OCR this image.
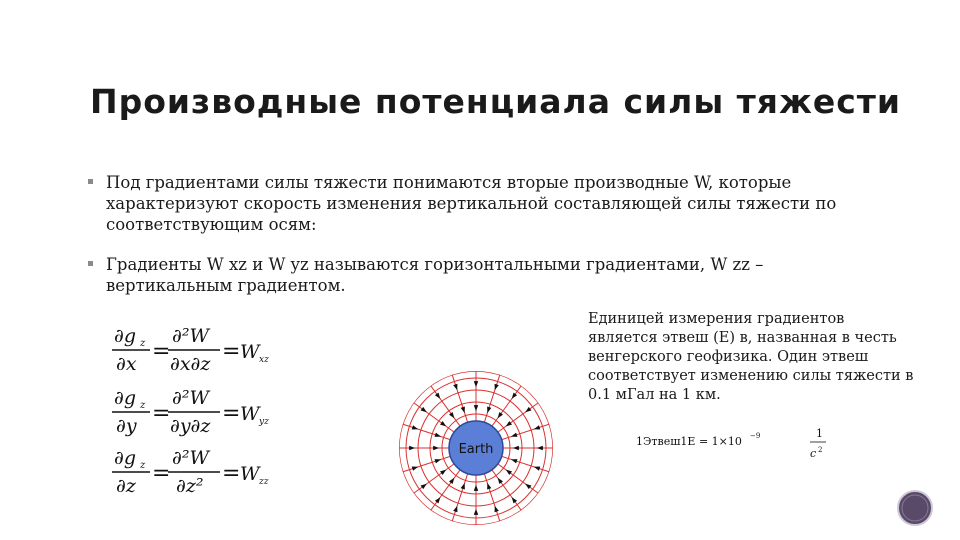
Производные потенциала силы тяжести
Под градиентами силы тяжести понимаются вторые производные W, которые характеризуют скорость изменения вертикальной составляющей силы тяжести по соответствующим осям:
Градиенты W xz и W yz называются горизонтальными градиентами, W zz – вертикальным градиентом.
∂g z
∂x =
∂²W
∂x∂z = W xz
∂g z
∂y =
∂²W
∂y∂z = W yz
∂g z
∂z =
∂²W
∂z² = W zz
Earth
Единицей измерения градиентов является этвеш (Е) в, названная в честь венгерского геофизика. Один этвеш соответствует изменению силы тяжести в 0.1 мГал на 1 км.
1Этвеш1E = 1×10 −9	1
c 2
